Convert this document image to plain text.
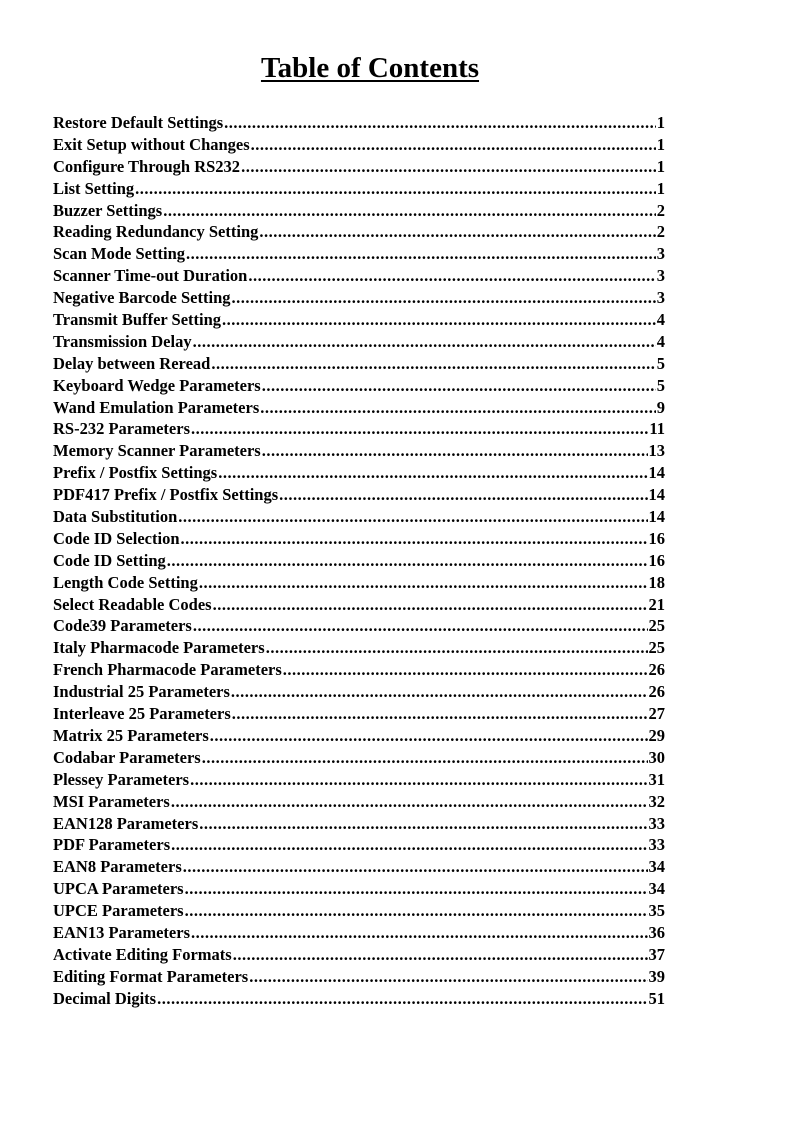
Table of Contents
Restore Default Settings .....	1
Exit Setup without Changes .....	1
Configure Through RS232 .....	1
List Setting .....	1
Buzzer Settings .....	2
Reading Redundancy Setting .....	2
Scan Mode Setting .....	3
Scanner Time-out Duration .....	3
Negative Barcode Setting .....	3
Transmit Buffer Setting .....	4
Transmission Delay .....	4
Delay between Reread .....	5
Keyboard Wedge Parameters .....	5
Wand Emulation Parameters .....	9
RS-232 Parameters .....	11
Memory Scanner Parameters .....	13
Prefix / Postfix Settings .....	14
PDF417 Prefix / Postfix Settings .....	14
Data Substitution .....	14
Code ID Selection .....	16
Code ID Setting .....	16
Length Code Setting .....	18
Select Readable Codes .....	21
Code39 Parameters .....	25
Italy Pharmacode Parameters .....	25
French Pharmacode Parameters .....	26
Industrial 25 Parameters .....	26
Interleave 25 Parameters .....	27
Matrix 25 Parameters .....	29
Codabar Parameters .....	30
Plessey Parameters .....	31
MSI Parameters .....	32
EAN128 Parameters .....	33
PDF Parameters .....	33
EAN8 Parameters .....	34
UPCA Parameters .....	34
UPCE Parameters .....	35
EAN13 Parameters .....	36
Activate Editing Formats .....	37
Editing Format Parameters .....	39
Decimal Digits .....	51
